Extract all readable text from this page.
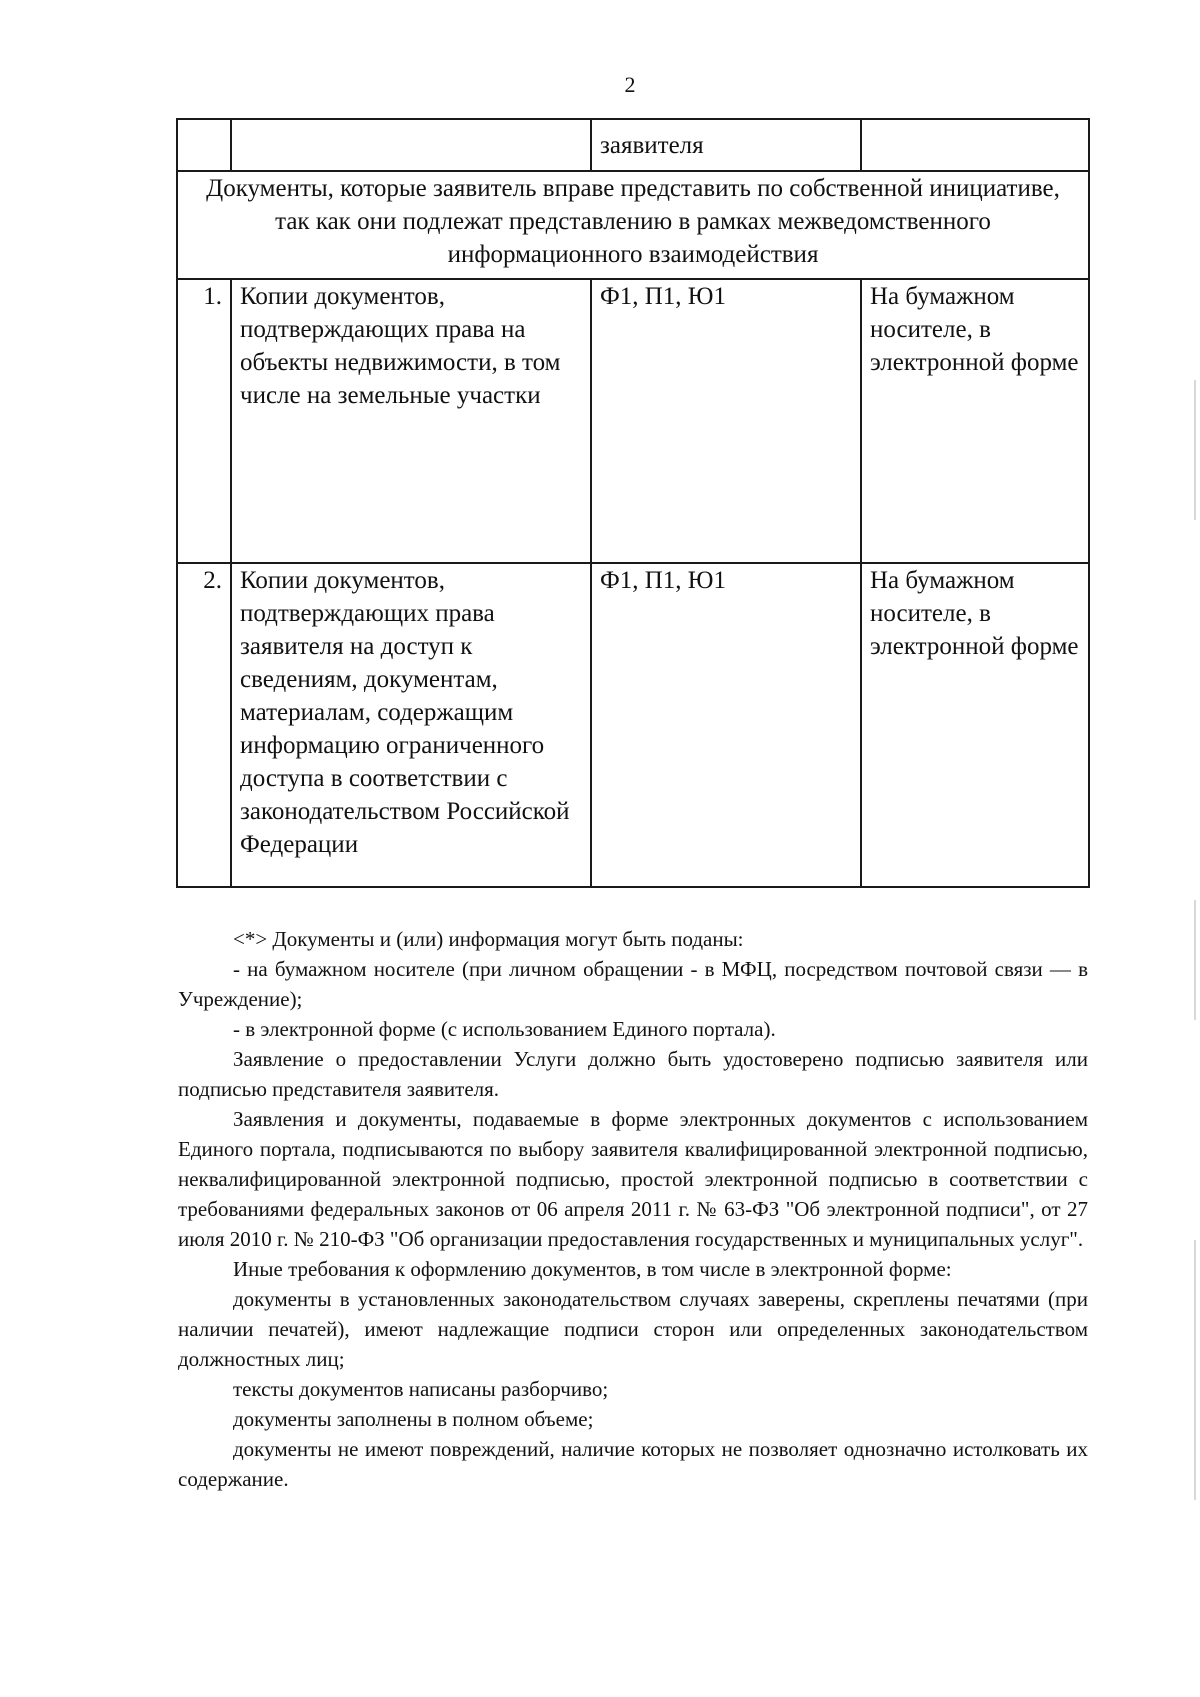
2
		заявителя	
Документы, которые заявитель вправе представить по собственной инициативе, так как они подлежат представлению в рамках межведомственного информационного взаимодействия			
1.	Копии документов, подтверждающих права на объекты недвижимости, в том числе на земельные участки	Ф1, П1, Ю1	На бумажном носителе, в электронной форме
2.	Копии документов, подтверждающих права заявителя на доступ к сведениям, документам, материалам, содержащим информацию ограниченного доступа в соответствии с законодательством Российской Федерации	Ф1, П1, Ю1	На бумажном носителе, в электронной форме

<*> Документы и (или) информация могут быть поданы:

- на бумажном носителе (при личном обращении - в МФЦ, посредством почтовой связи — в Учреждение);

- в электронной форме (с использованием Единого портала).

Заявление о предоставлении Услуги должно быть удостоверено подписью заявителя или подписью представителя заявителя.

Заявления и документы, подаваемые в форме электронных документов с использованием Единого портала, подписываются по выбору заявителя квалифицированной электронной подписью, неквалифицированной электронной подписью, простой электронной подписью в соответствии с требованиями федеральных законов от 06 апреля 2011 г. № 63-ФЗ "Об электронной подписи", от 27 июля 2010 г. № 210-ФЗ "Об организации предоставления государственных и муниципальных услуг".

Иные требования к оформлению документов, в том числе в электронной форме:

документы в установленных законодательством случаях заверены, скреплены печатями (при наличии печатей), имеют надлежащие подписи сторон или определенных законодательством должностных лиц;

тексты документов написаны разборчиво;

документы заполнены в полном объеме;

документы не имеют повреждений, наличие которых не позволяет однозначно истолковать их содержание.
